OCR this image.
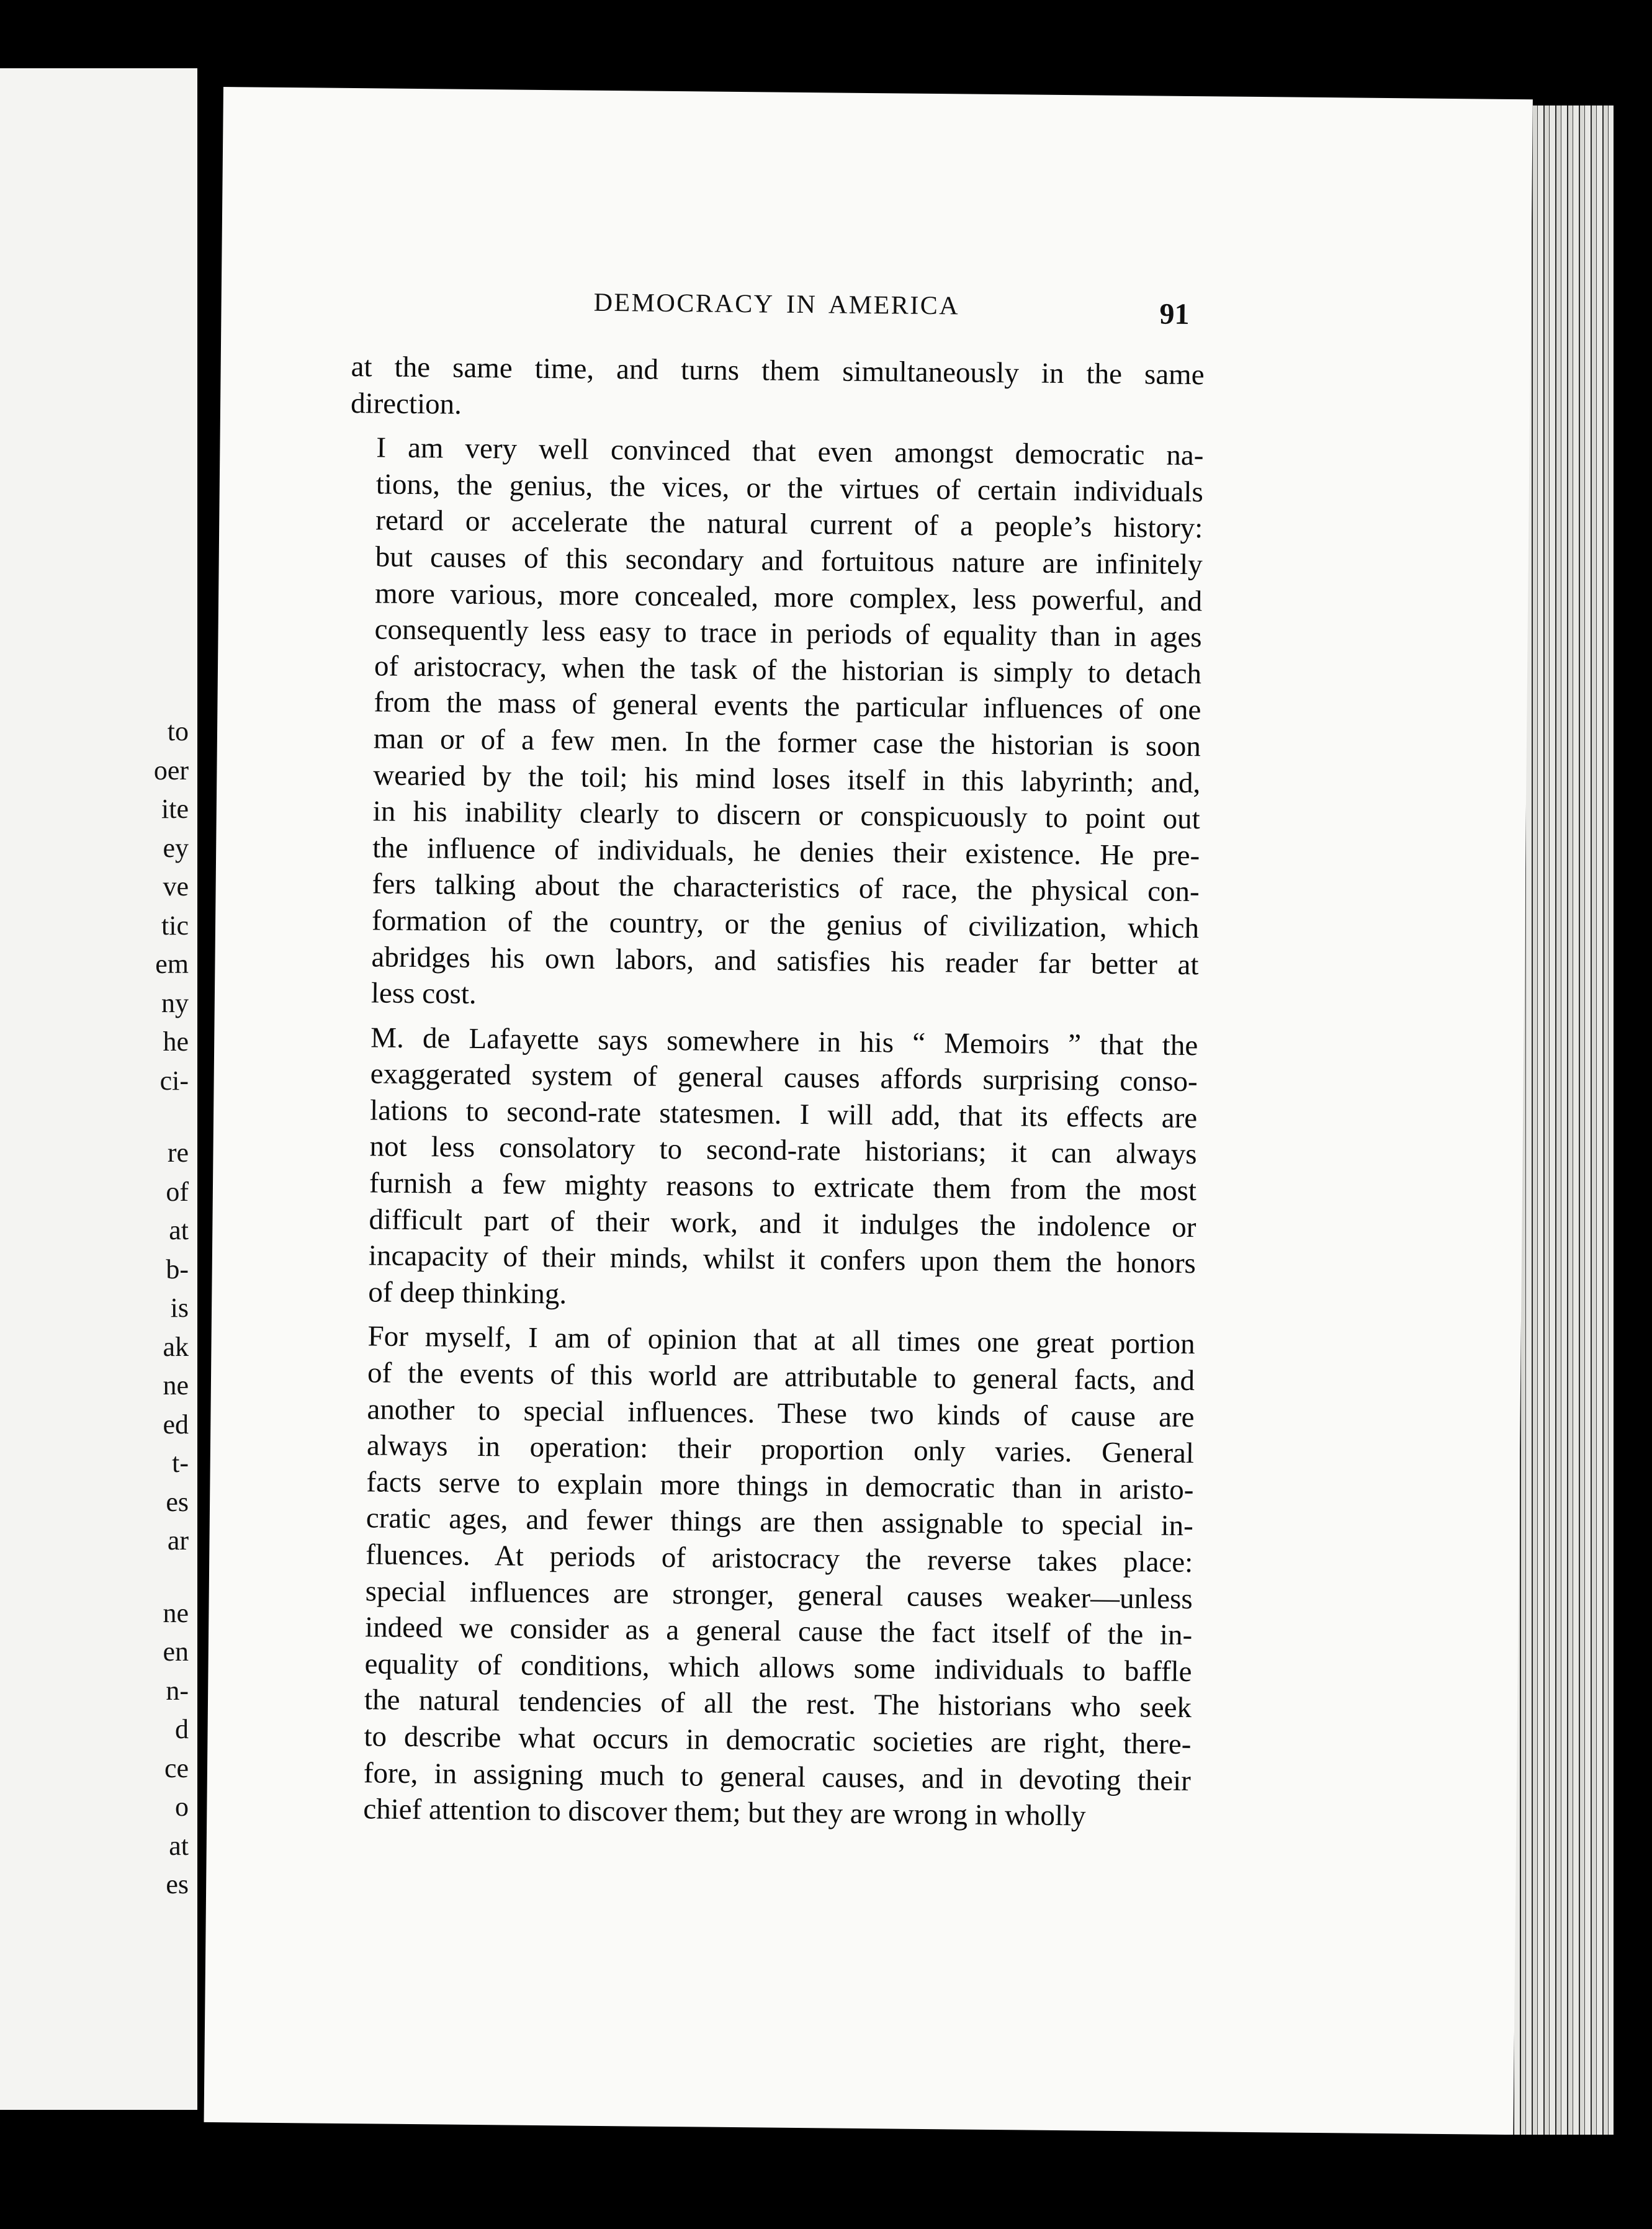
to
oer
ite
ey
ve
tic
em
ny
he
ci-
re
of
at
b-
is
ak
ne
ed
t-
es
ar
ne
en
n-
d
ce
o
at
es
DEMOCRACY IN AMERICA	91

at the same time, and turns them simultaneously in the same
direction.

I am very well convinced that even amongst democratic na-
tions, the genius, the vices, or the virtues of certain individuals
retard or accelerate the natural current of a people’s history:
but causes of this secondary and fortuitous nature are infinitely
more various, more concealed, more complex, less powerful, and
consequently less easy to trace in periods of equality than in ages
of aristocracy, when the task of the historian is simply to detach
from the mass of general events the particular influences of one
man or of a few men. In the former case the historian is soon
wearied by the toil; his mind loses itself in this labyrinth; and,
in his inability clearly to discern or conspicuously to point out
the influence of individuals, he denies their existence. He pre-
fers talking about the characteristics of race, the physical con-
formation of the country, or the genius of civilization, which
abridges his own labors, and satisfies his reader far better at
less cost.

M. de Lafayette says somewhere in his “ Memoirs ” that the
exaggerated system of general causes affords surprising conso-
lations to second-rate statesmen. I will add, that its effects are
not less consolatory to second-rate historians; it can always
furnish a few mighty reasons to extricate them from the most
difficult part of their work, and it indulges the indolence or
incapacity of their minds, whilst it confers upon them the honors
of deep thinking.

For myself, I am of opinion that at all times one great portion
of the events of this world are attributable to general facts, and
another to special influences. These two kinds of cause are
always in operation: their proportion only varies. General
facts serve to explain more things in democratic than in aristo-
cratic ages, and fewer things are then assignable to special in-
fluences. At periods of aristocracy the reverse takes place:
special influences are stronger, general causes weaker—unless
indeed we consider as a general cause the fact itself of the in-
equality of conditions, which allows some individuals to baffle
the natural tendencies of all the rest. The historians who seek
to describe what occurs in democratic societies are right, there-
fore, in assigning much to general causes, and in devoting their
chief attention to discover them; but they are wrong in wholly
